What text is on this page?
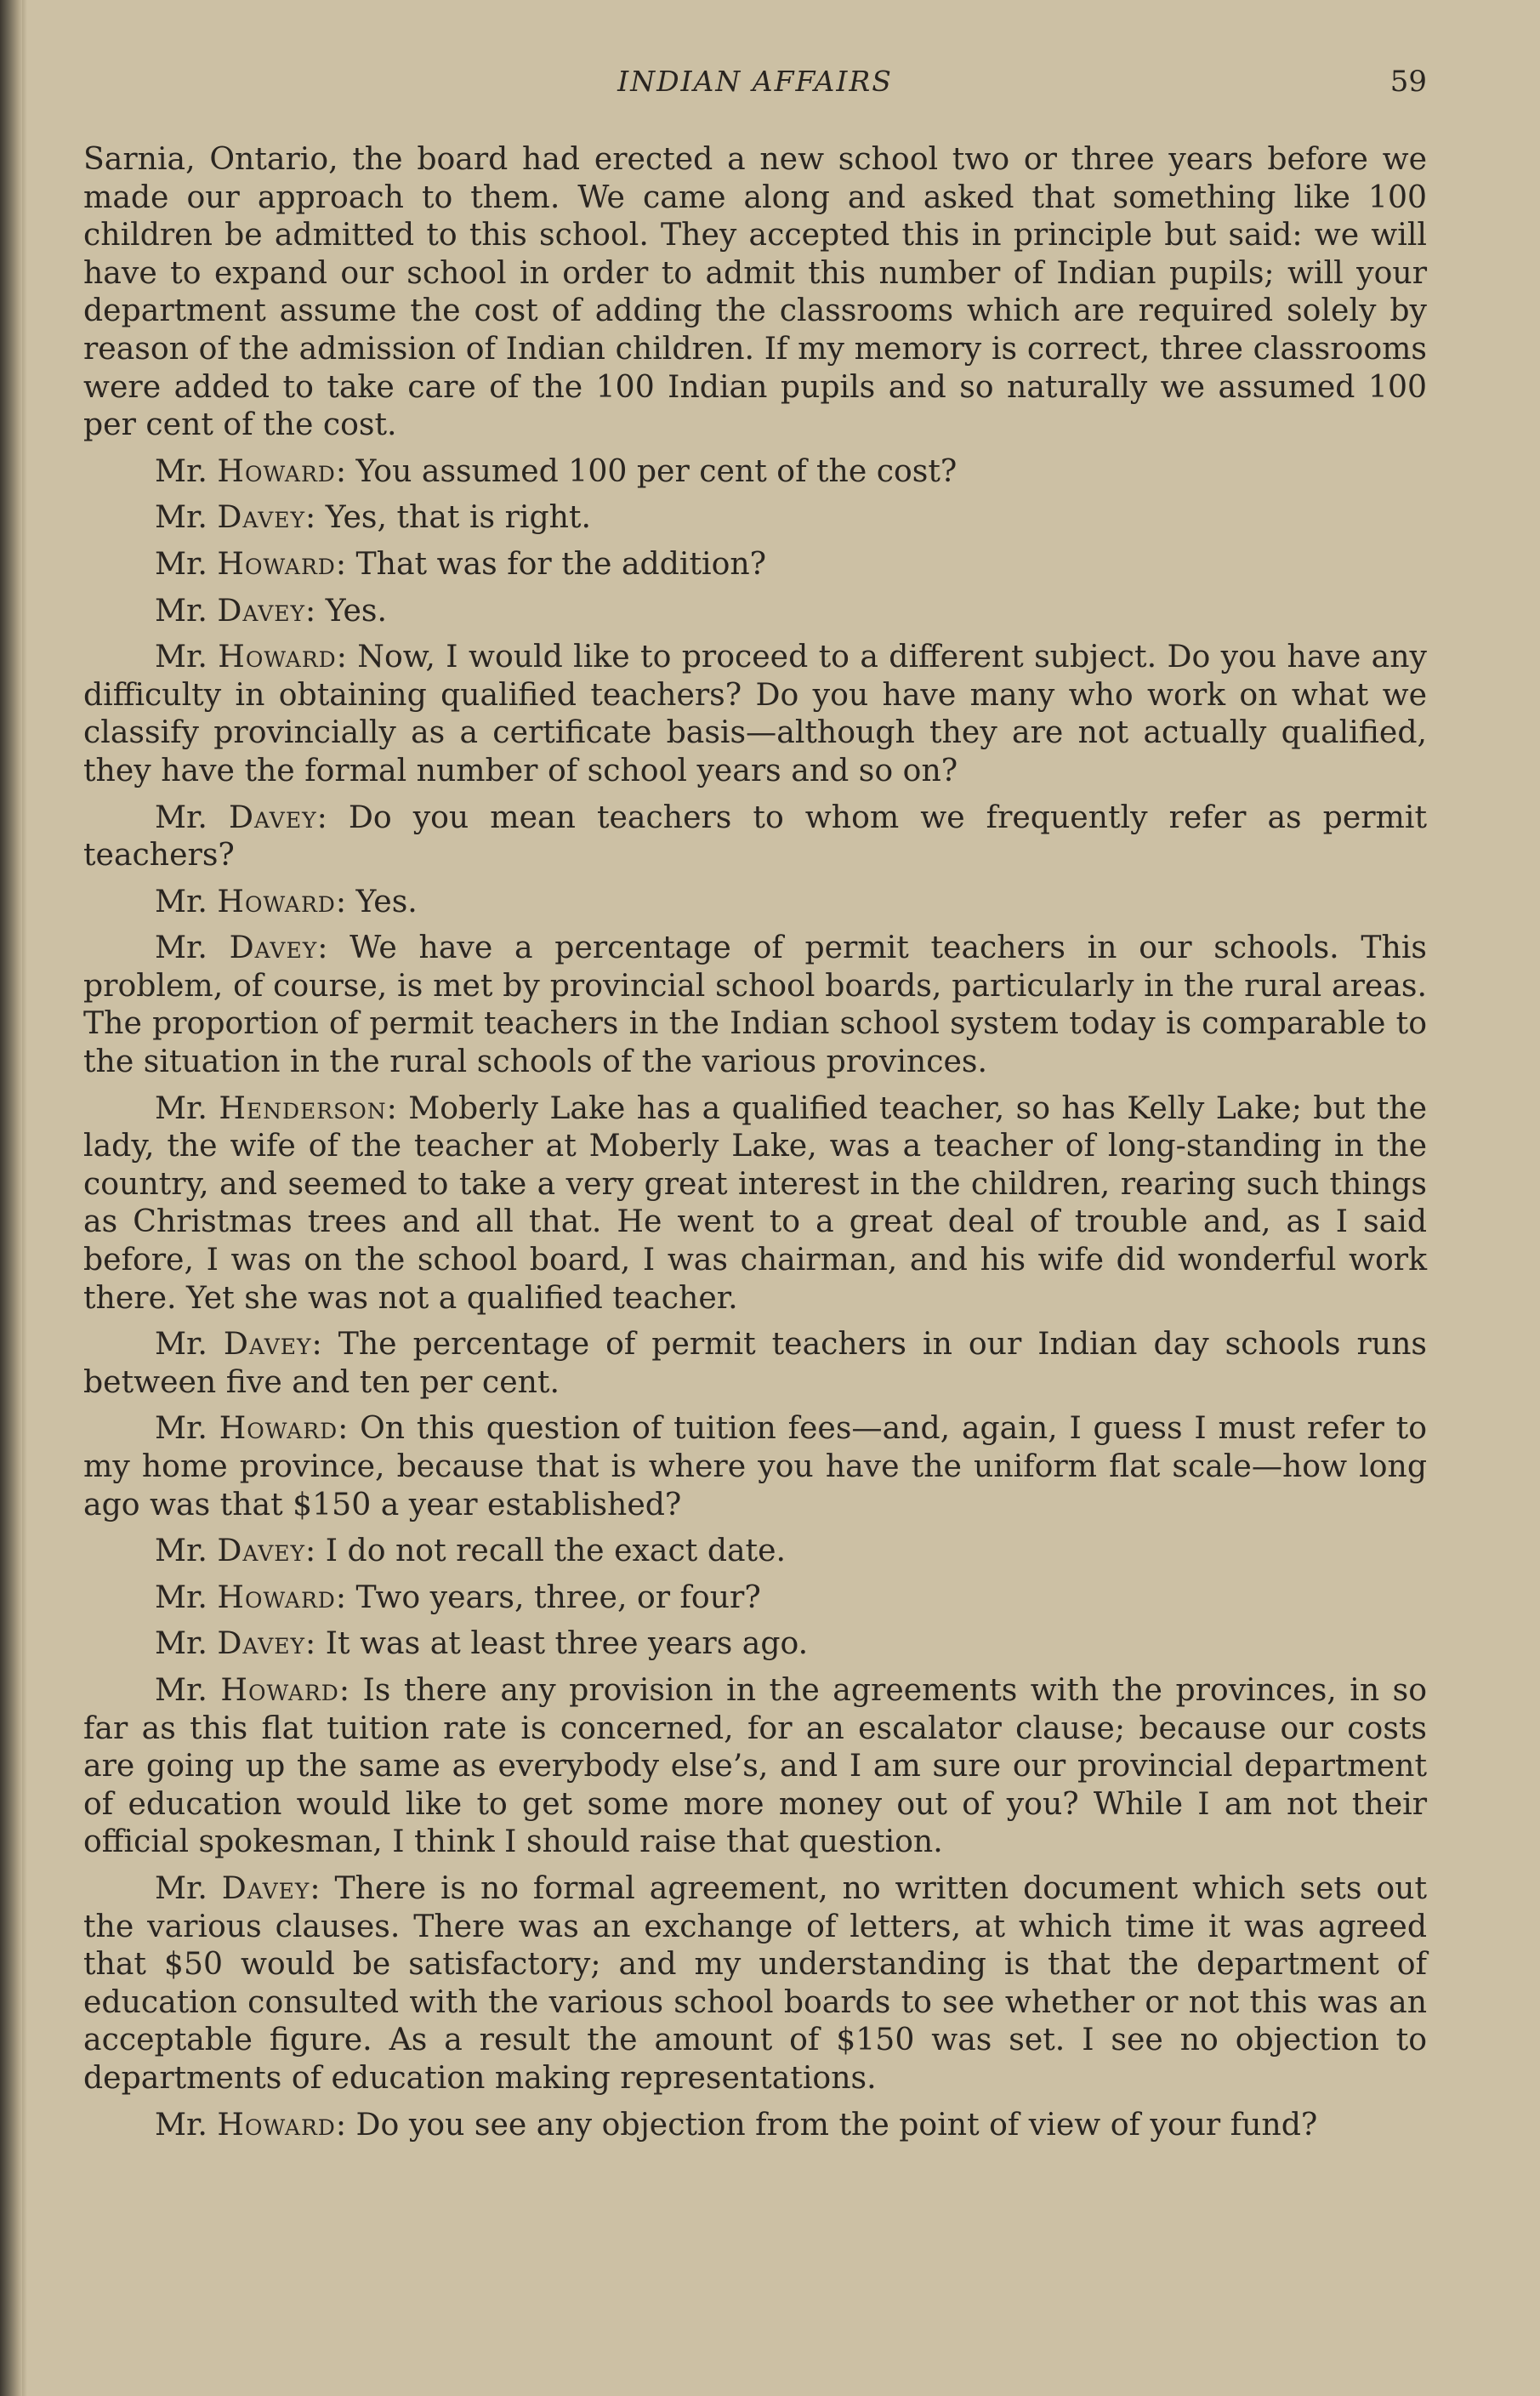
INDIAN AFFAIRS	59

Sarnia, Ontario, the board had erected a new school two or three years before we made our approach to them. We came along and asked that something like 100 children be admitted to this school. They accepted this in principle but said: we will have to expand our school in order to admit this number of Indian pupils; will your department assume the cost of adding the classrooms which are required solely by reason of the admission of Indian children. If my memory is correct, three classrooms were added to take care of the 100 Indian pupils and so naturally we assumed 100 per cent of the cost.

Mr. Howard: You assumed 100 per cent of the cost?

Mr. Davey: Yes, that is right.

Mr. Howard: That was for the addition?

Mr. Davey: Yes.

Mr. Howard: Now, I would like to proceed to a different subject. Do you have any difficulty in obtaining qualified teachers? Do you have many who work on what we classify provincially as a certificate basis—although they are not actually qualified, they have the formal number of school years and so on?

Mr. Davey: Do you mean teachers to whom we frequently refer as permit teachers?

Mr. Howard: Yes.

Mr. Davey: We have a percentage of permit teachers in our schools. This problem, of course, is met by provincial school boards, particularly in the rural areas. The proportion of permit teachers in the Indian school system today is comparable to the situation in the rural schools of the various provinces.

Mr. Henderson: Moberly Lake has a qualified teacher, so has Kelly Lake; but the lady, the wife of the teacher at Moberly Lake, was a teacher of long-standing in the country, and seemed to take a very great interest in the children, rearing such things as Christmas trees and all that. He went to a great deal of trouble and, as I said before, I was on the school board, I was chairman, and his wife did wonderful work there. Yet she was not a qualified teacher.

Mr. Davey: The percentage of permit teachers in our Indian day schools runs between five and ten per cent.

Mr. Howard: On this question of tuition fees—and, again, I guess I must refer to my home province, because that is where you have the uniform flat scale—how long ago was that $150 a year established?

Mr. Davey: I do not recall the exact date.

Mr. Howard: Two years, three, or four?

Mr. Davey: It was at least three years ago.

Mr. Howard: Is there any provision in the agreements with the provinces, in so far as this flat tuition rate is concerned, for an escalator clause; because our costs are going up the same as everybody else’s, and I am sure our provincial department of education would like to get some more money out of you? While I am not their official spokesman, I think I should raise that question.

Mr. Davey: There is no formal agreement, no written document which sets out the various clauses. There was an exchange of letters, at which time it was agreed that $50 would be satisfactory; and my understanding is that the department of education consulted with the various school boards to see whether or not this was an acceptable figure. As a result the amount of $150 was set. I see no objection to departments of education making representations.

Mr. Howard: Do you see any objection from the point of view of your fund?
